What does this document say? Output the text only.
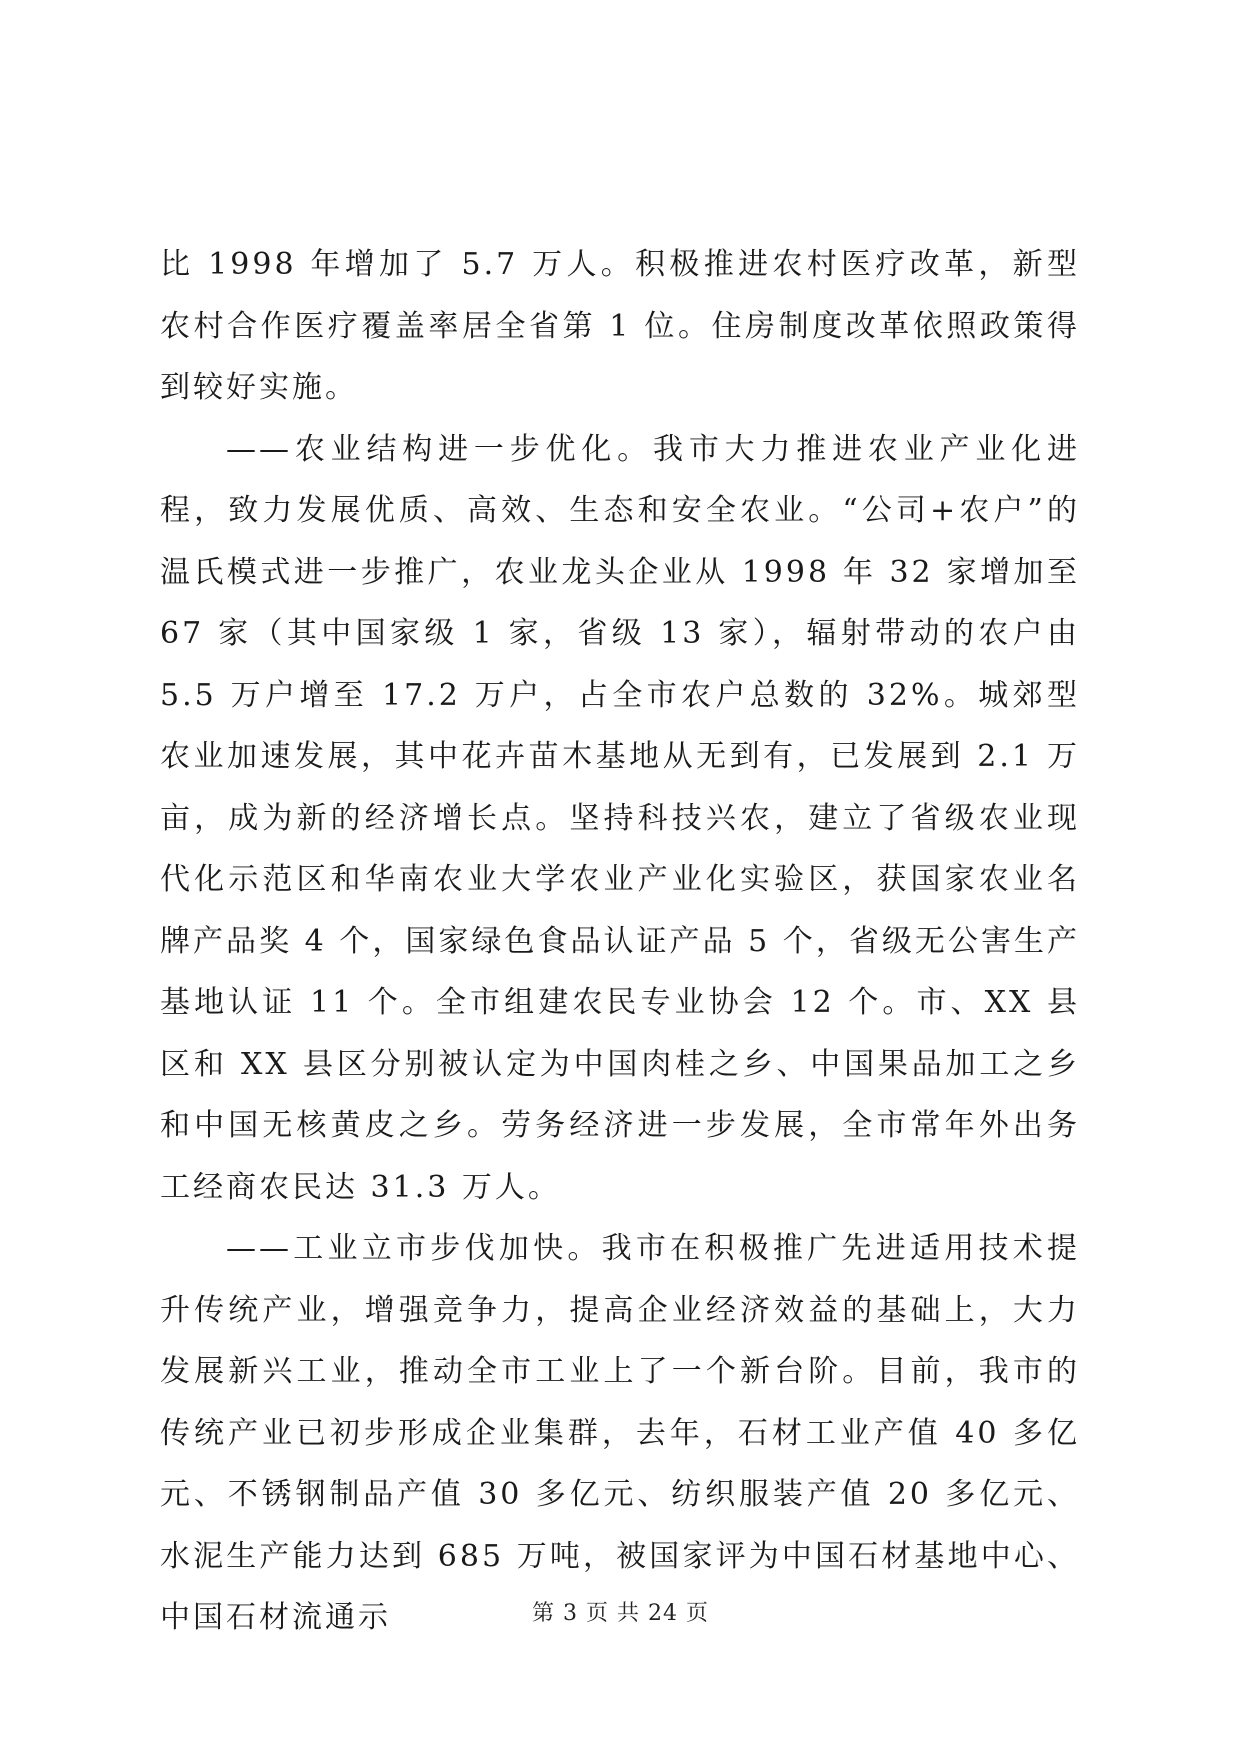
比 1998 年增加了 5.7 万人。积极推进农村医疗改革，新型农村合作医疗覆盖率居全省第 1 位。住房制度改革依照政策得到较好实施。

——农业结构进一步优化。我市大力推进农业产业化进程，致力发展优质、高效、生态和安全农业。“公司+农户”的温氏模式进一步推广，农业龙头企业从 1998 年 32 家增加至 67 家（其中国家级 1 家，省级 13 家），辐射带动的农户由 5.5 万户增至 17.2 万户，占全市农户总数的 32%。城郊型农业加速发展，其中花卉苗木基地从无到有，已发展到 2.1 万亩，成为新的经济增长点。坚持科技兴农，建立了省级农业现代化示范区和华南农业大学农业产业化实验区，获国家农业名牌产品奖 4 个，国家绿色食品认证产品 5 个，省级无公害生产基地认证 11 个。全市组建农民专业协会 12 个。市、XX 县区和 XX 县区分别被认定为中国肉桂之乡、中国果品加工之乡和中国无核黄皮之乡。劳务经济进一步发展，全市常年外出务工经商农民达 31.3 万人。

——工业立市步伐加快。我市在积极推广先进适用技术提升传统产业，增强竞争力，提高企业经济效益的基础上，大力发展新兴工业，推动全市工业上了一个新台阶。目前，我市的传统产业已初步形成企业集群，去年，石材工业产值 40 多亿元、不锈钢制品产值 30 多亿元、纺织服装产值 20 多亿元、水泥生产能力达到 685 万吨，被国家评为中国石材基地中心、中国石材流通示	第 3 页 共 24 页
